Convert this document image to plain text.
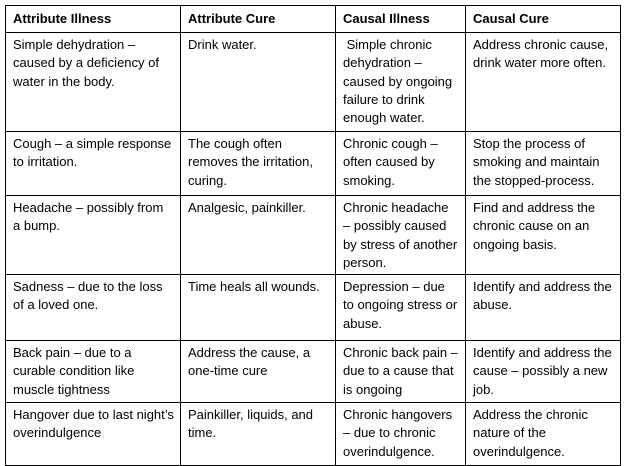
Attribute Illness	Attribute Cure	Causal Illness	Causal Cure
Simple dehydration – caused by a deficiency of water in the body.	Drink water.	Simple chronic dehydration – caused by ongoing failure to drink enough water.	Address chronic cause, drink water more often.
Cough – a simple response to irritation.	The cough often removes the irritation, curing.	Chronic cough – often caused by smoking.	Stop the process of smoking and maintain the stopped-process.
Headache – possibly from a bump.	Analgesic, painkiller.	Chronic headache – possibly caused by stress of another person.	Find and address the chronic cause on an ongoing basis.
Sadness – due to the loss of a loved one.	Time heals all wounds.	Depression – due to ongoing stress or abuse.	Identify and address the abuse.
Back pain – due to a curable condition like muscle tightness	Address the cause, a one-time cure	Chronic back pain – due to a cause that is ongoing	Identify and address the cause – possibly a new job.
Hangover due to last night’s overindulgence	Painkiller, liquids, and time.	Chronic hangovers – due to chronic overindulgence.	Address the chronic nature of the overindulgence.
